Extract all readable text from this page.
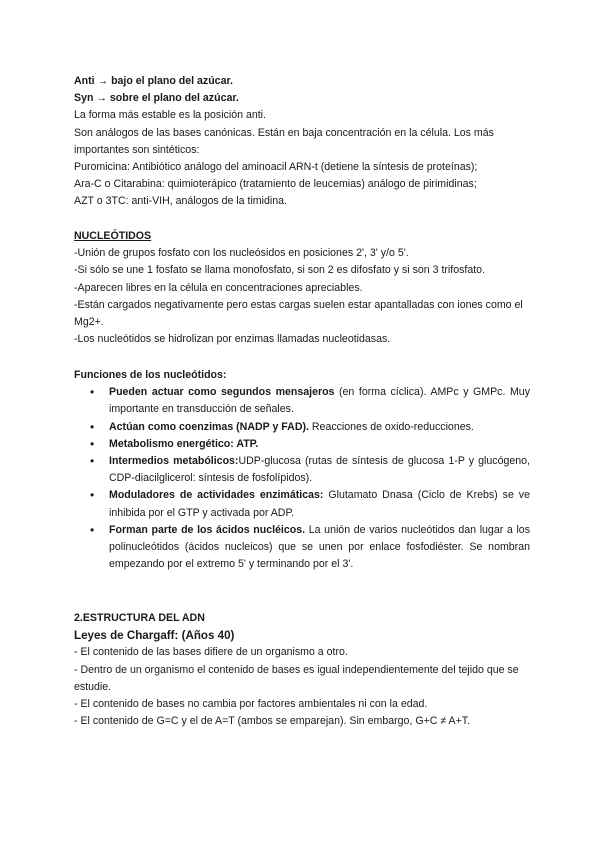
Anti → bajo el plano del azúcar.

Syn → sobre el plano del azúcar.

La forma más estable es la posición anti.

Son análogos de las bases canónicas. Están en baja concentración en la célula. Los más importantes son sintéticos:

Puromicina: Antibiótico análogo del aminoacil ARN-t (detiene la síntesis de proteínas);

Ara-C o Citarabina: quimioterápico (tratamiento de leucemias) análogo de pirimidinas;

AZT o 3TC: anti-VIH, análogos de la timidina.

NUCLEÓTIDOS

-Unión de grupos fosfato con los nucleósidos en posiciones 2', 3' y/o 5'.

-Si sólo se une 1 fosfato se llama monofosfato, si son 2 es difosfato y si son 3 trifosfato.

-Aparecen libres en la célula en concentraciones apreciables.

-Están cargados negativamente pero estas cargas suelen estar apantalladas con iones como el Mg2+.

-Los nucleótidos se hidrolizan por enzimas llamadas nucleotidasas.

Funciones de los nucleótidos:

• Pueden actuar como segundos mensajeros (en forma cíclica). AMPc y GMPc. Muy importante en transducción de señales.
• Actúan como coenzimas (NADP y FAD). Reacciones de oxido-reducciones.
• Metabolismo energético: ATP.
• Intermedios metabólicos:UDP-glucosa (rutas de síntesis de glucosa 1-P y glucógeno, CDP-diacilglicerol: síntesis de fosfolípidos).
• Moduladores de actividades enzimáticas: Glutamato Dnasa (Ciclo de Krebs) se ve inhibida por el GTP y activada por ADP.
• Forman parte de los ácidos nucléicos. La unión de varios nucleótidos dan lugar a los polinucleótidos (ácidos nucleicos) que se unen por enlace fosfodiéster. Se nombran empezando por el extremo 5' y terminando por el 3'.

2.ESTRUCTURA DEL ADN

Leyes de Chargaff: (Años 40)

- El contenido de las bases difiere de un organismo a otro.

- Dentro de un organismo el contenido de bases es igual independientemente del tejido que se estudie.

- El contenido de bases no cambia por factores ambientales ni con la edad.

- El contenido de G=C y el de A=T (ambos se emparejan). Sin embargo, G+C ≠ A+T.
